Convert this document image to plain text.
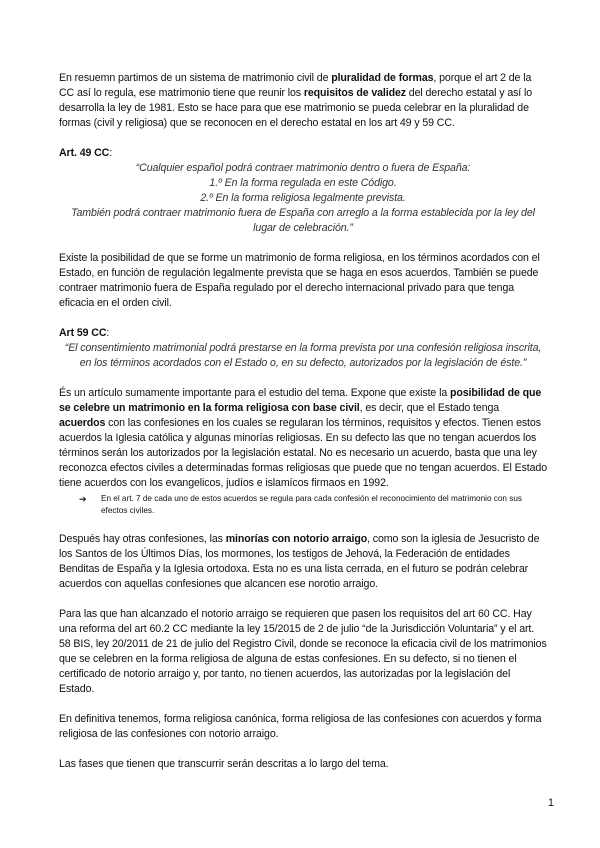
En resuemn partimos de un sistema de matrimonio civil de pluralidad de formas, porque el art 2 de la CC así lo regula, ese matrimonio tiene que reunir los requisitos de validez del derecho estatal y así lo desarrolla la ley de 1981. Esto se hace para que ese matrimonio se pueda celebrar en la pluralidad de formas (civil y religiosa) que se reconocen en el derecho estatal en los art 49 y 59 CC.

Art. 49 CC:

“Cualquier español podrá contraer matrimonio dentro o fuera de España:

1.º En la forma regulada en este Código.

2.º En la forma religiosa legalmente prevista.

También podrá contraer matrimonio fuera de España con arreglo a la forma establecida por la ley del lugar de celebración.”

Existe la posibilidad de que se forme un matrimonio de forma religiosa, en los términos acordados con el Estado, en función de regulación legalmente prevista que se haga en esos acuerdos. También se puede contraer matrimonio fuera de España regulado por el derecho internacional privado para que tenga eficacia en el orden civil.

Art 59 CC:

“El consentimiento matrimonial podrá prestarse en la forma prevista por una confesión religiosa inscrita, en los términos acordados con el Estado o, en su defecto, autorizados por la legislación de éste.”

És un artículo sumamente importante para el estudio del tema. Expone que existe la posibilidad de que se celebre un matrimonio en la forma religiosa con base civil, es decir, que el Estado tenga acuerdos con las confesiones en los cuales se regularan los términos, requisitos y efectos. Tienen estos acuerdos la Iglesia católica y algunas minorías religiosas. En su defecto las que no tengan acuerdos los términos serán los autorizados por la legislación estatal. No es necesario un acuerdo, basta que una ley reconozca efectos civiles a determinadas formas religiosas que puede que no tengan acuerdos. El Estado tiene acuerdos con los evangelicos, judíos e islamícos firmaos en 1992.

➔	En el art. 7 de cada uno de estos acuerdos se regula para cada confesión el reconocimiento del matrimonio con sus efectos civiles.

Después hay otras confesiones, las minorías con notorio arraigo, como son la iglesia de Jesucristo de los Santos de los Últimos Días, los mormones, los testigos de Jehová, la Federación de entidades Benditas de España y la Iglesia ortodoxa. Esta no es una lista cerrada, en el futuro se podrán celebrar acuerdos con aquellas confesiones que alcancen ese norotio arraigo.

Para las que han alcanzado el notorio arraigo se requieren que pasen los requisitos del art 60 CC. Hay una reforma del art 60.2 CC mediante la ley 15/2015 de 2 de julio “de la Jurisdicción Voluntaria” y el art. 58 BIS, ley 20/2011 de 21 de julio del Registro Civil, donde se reconoce la eficacia civil de los matrimonios que se celebren en la forma religiosa de alguna de estas confesiones. En su defecto, si no tienen el certificado de notorio arraigo y, por tanto, no tienen acuerdos, las autorizadas por la legislación del Estado.

En definitiva tenemos, forma religiosa canónica, forma religiosa de las confesiones con acuerdos y forma religiosa de las confesiones con notorio arraigo.

Las fases que tienen que transcurrir serán descritas a lo largo del tema.

1
